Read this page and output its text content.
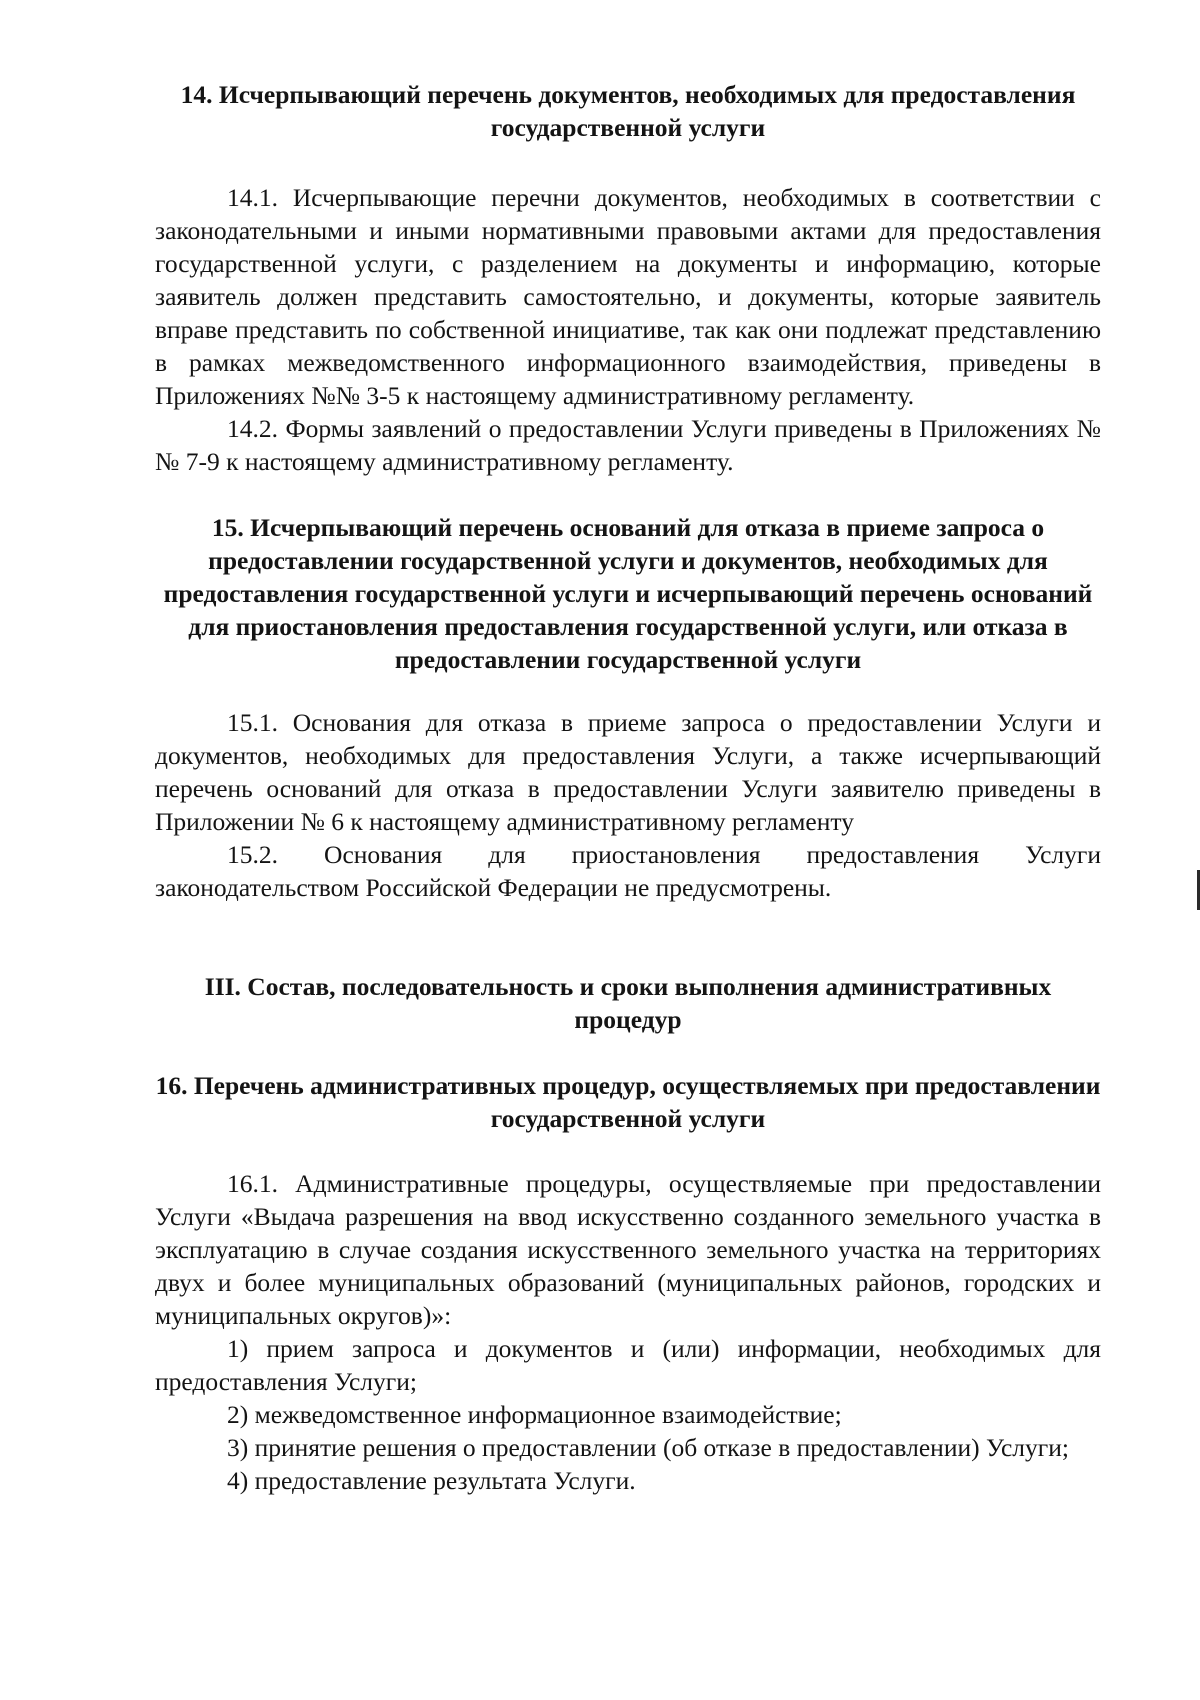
14. Исчерпывающий перечень документов, необходимых для предоставления государственной услуги

14.1. Исчерпывающие перечни документов, необходимых в соответствии с законодательными и иными нормативными правовыми актами для предоставления государственной услуги, с разделением на документы и информацию, которые заявитель должен представить самостоятельно, и документы, которые заявитель вправе представить по собственной инициативе, так как они подлежат представлению в рамках межведомственного информационного взаимодействия, приведены в Приложениях №№ 3-5 к настоящему административному регламенту.

14.2. Формы заявлений о предоставлении Услуги приведены в Приложениях №№ 7-9 к настоящему административному регламенту.

15. Исчерпывающий перечень оснований для отказа в приеме запроса о предоставлении государственной услуги и документов, необходимых для предоставления государственной услуги и исчерпывающий перечень оснований для приостановления предоставления государственной услуги, или отказа в предоставлении государственной услуги

15.1. Основания для отказа в приеме запроса о предоставлении Услуги и документов, необходимых для предоставления Услуги, а также исчерпывающий перечень оснований для отказа в предоставлении Услуги заявителю приведены в Приложении № 6 к настоящему административному регламенту

15.2. Основания для приостановления предоставления Услуги законодательством Российской Федерации не предусмотрены.

III. Состав, последовательность и сроки выполнения административных процедур
16. Перечень административных процедур, осуществляемых при предоставлении государственной услуги

16.1. Административные процедуры, осуществляемые при предоставлении Услуги «Выдача разрешения на ввод искусственно созданного земельного участка в эксплуатацию в случае создания искусственного земельного участка на территориях двух и более муниципальных образований (муниципальных районов, городских и муниципальных округов)»:

1) прием запроса и документов и (или) информации, необходимых для предоставления Услуги;

2) межведомственное информационное взаимодействие;

3) принятие решения о предоставлении (об отказе в предоставлении) Услуги;

4) предоставление результата Услуги.
